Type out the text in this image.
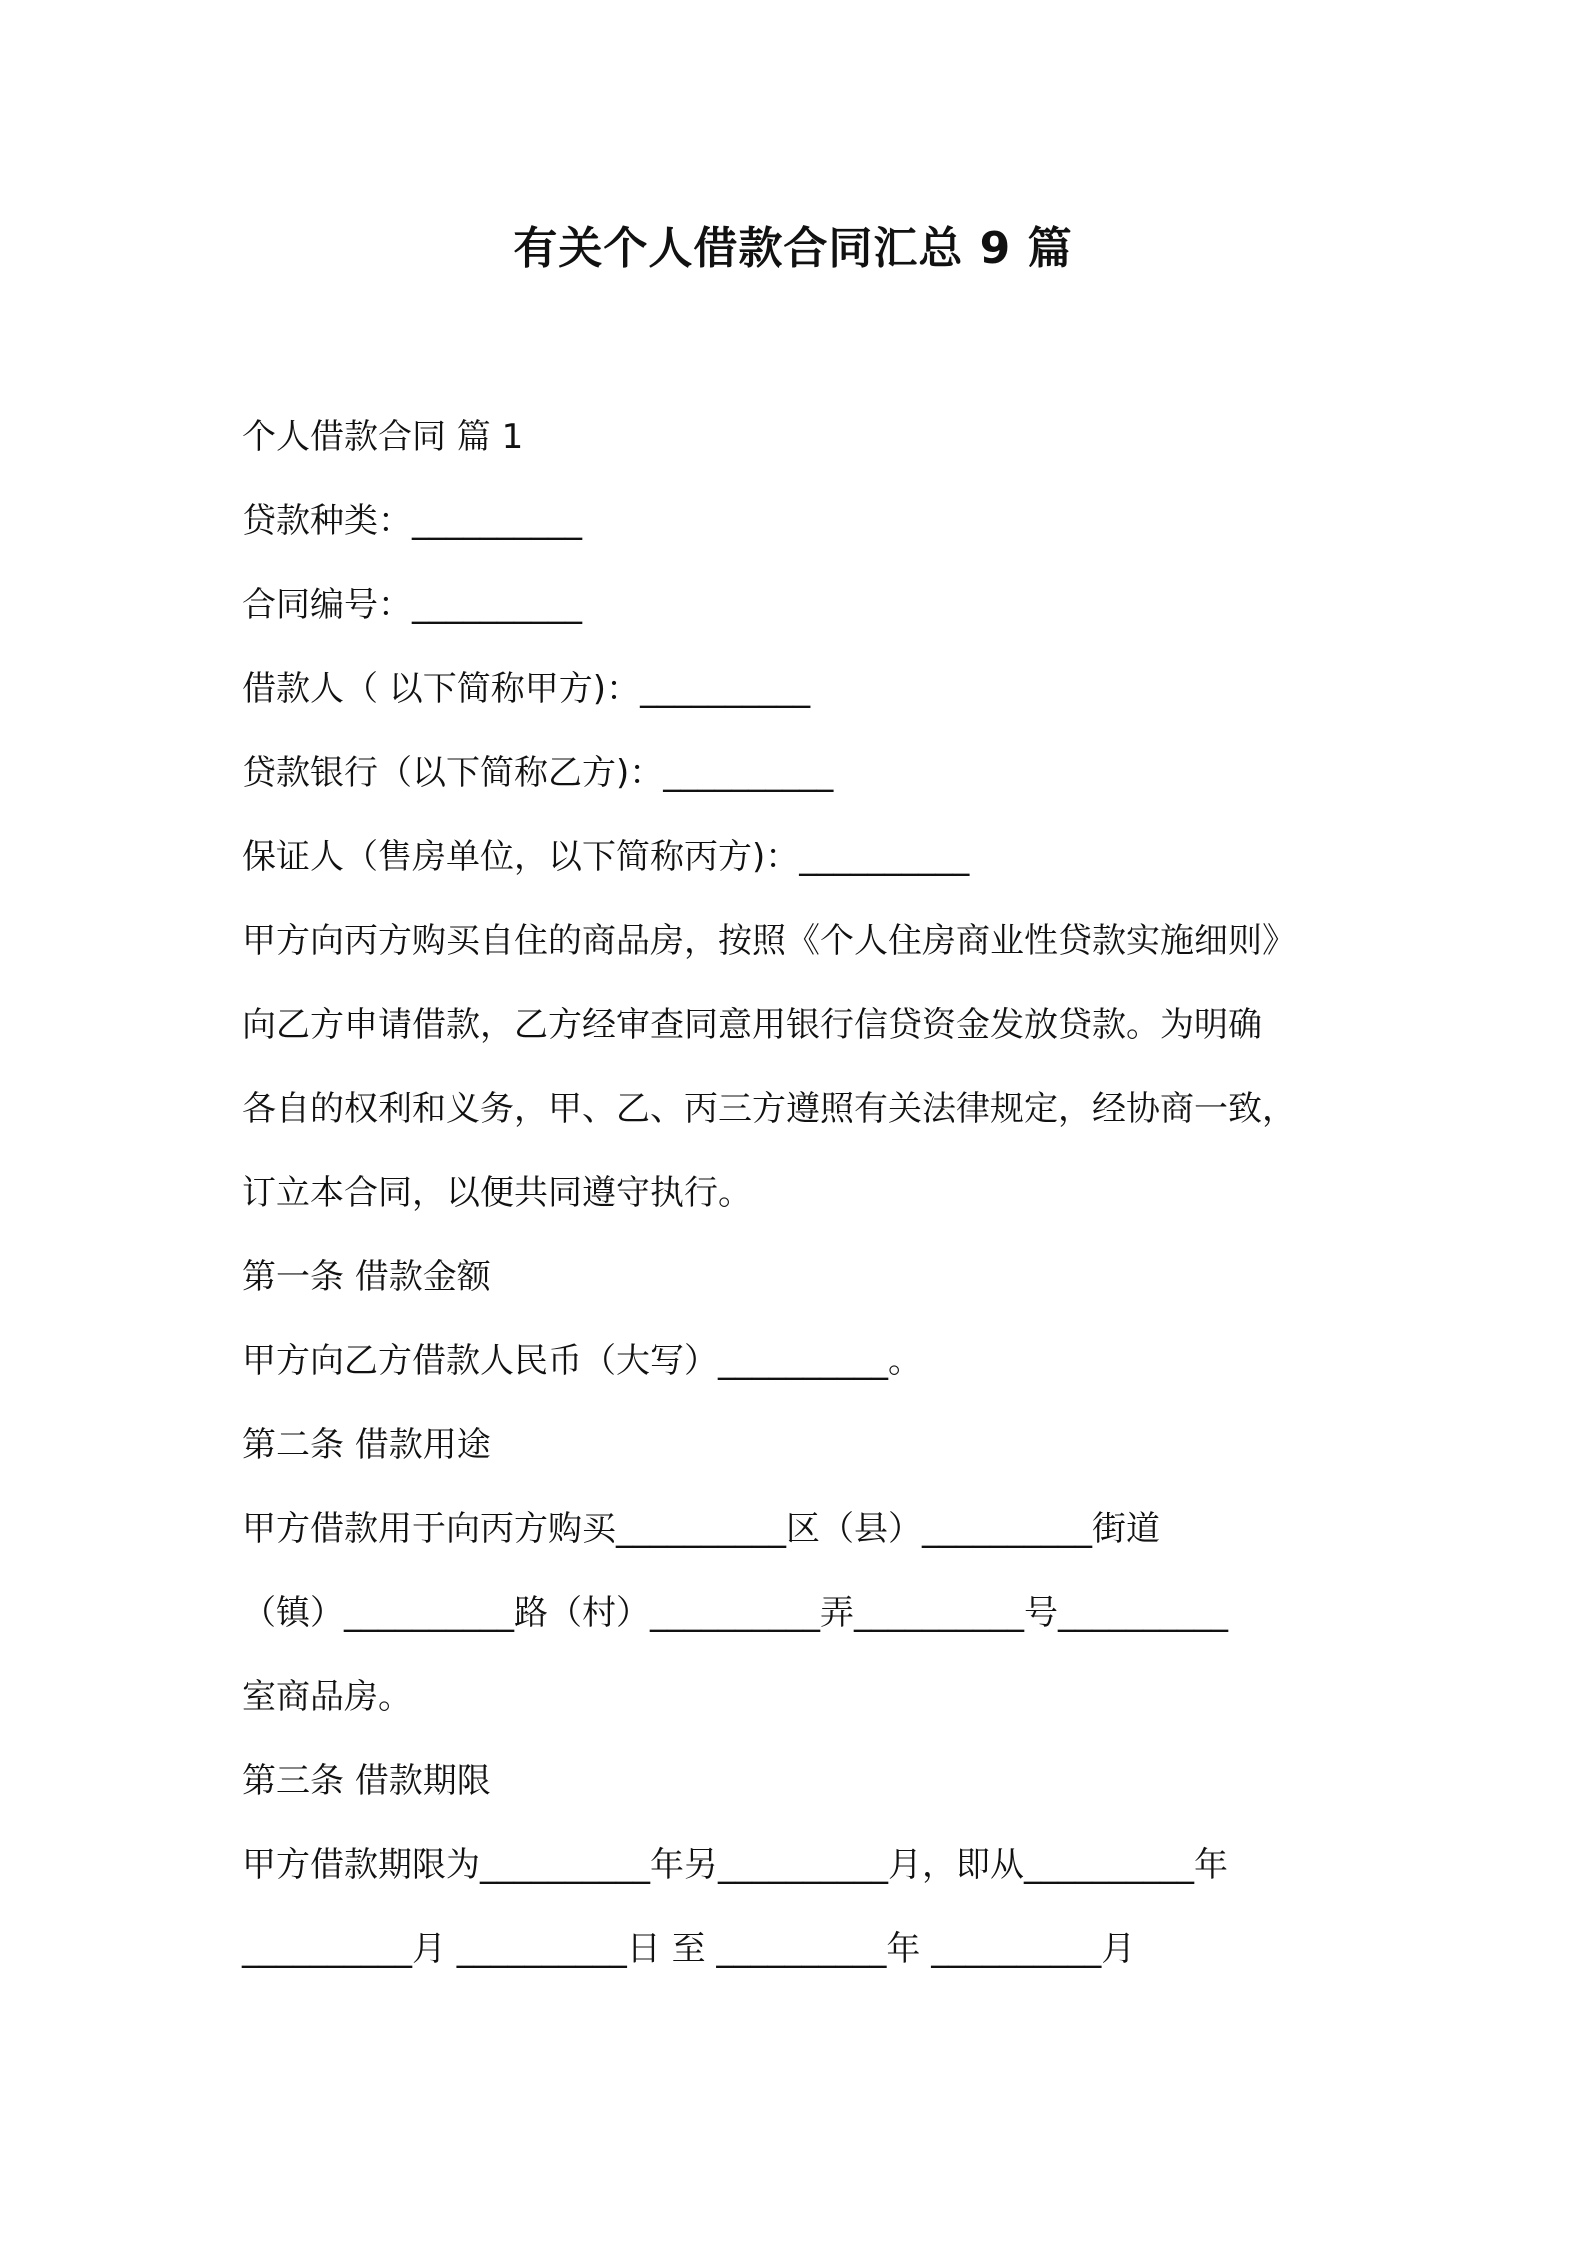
有关个人借款合同汇总 9 篇
个人借款合同 篇 1
贷款种类：__________
合同编号：__________
借款人（ 以下简称甲方)：__________
贷款银行（以下简称乙方)：__________
保证人（售房单位，以下简称丙方)：__________
甲方向丙方购买自住的商品房，按照《个人住房商业性贷款实施细则》
向乙方申请借款，乙方经审查同意用银行信贷资金发放贷款。为明确
各自的权利和义务，甲、乙、丙三方遵照有关法律规定，经协商一致，
订立本合同，以便共同遵守执行。
第一条 借款金额
甲方向乙方借款人民币（大写）__________。
第二条 借款用途
甲方借款用于向丙方购买__________区（县）__________街道
（镇）__________路（村）__________弄__________号__________
室商品房。
第三条 借款期限
甲方借款期限为__________年另__________月，即从__________年
__________月 __________日 至 __________年 __________月
